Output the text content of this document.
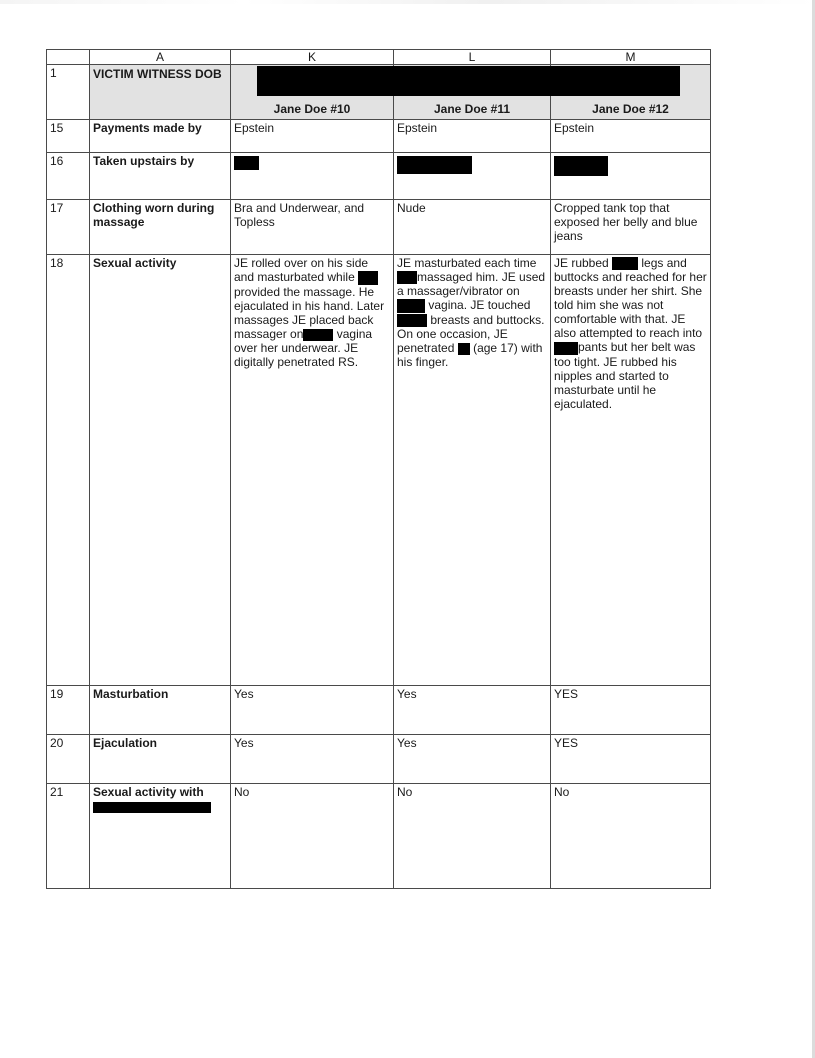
	A	K	L	M
1	VICTIM WITNESS DOB	Jane Doe #10	Jane Doe #11	Jane Doe #12
15	Payments made by	Epstein	Epstein	Epstein
16	Taken upstairs by			
17	Clothing worn during massage	Bra and Underwear, and Topless	Nude	Cropped tank top that exposed her belly and blue jeans
18	Sexual activity	JE rolled over on his side and masturbated while  provided the massage. He ejaculated in his hand. Later massages JE placed back massager on vagina over her underwear. JE digitally penetrated RS.	JE masturbated each time massaged him. JE used a massager/vibrator on  vagina. JE touched  breasts and buttocks. On one occasion, JE penetrated (age 17) with his finger.	JE rubbed legs and buttocks and reached for her breasts under her shirt. She told him she was not comfortable with that. JE also attempted to reach into pants but her belt was too tight. JE rubbed his nipples and started to masturbate until he ejaculated.

19	Masturbation	Yes	Yes	YES
20	Ejaculation	Yes	Yes	YES
21	Sexual activity with	No	No	No
